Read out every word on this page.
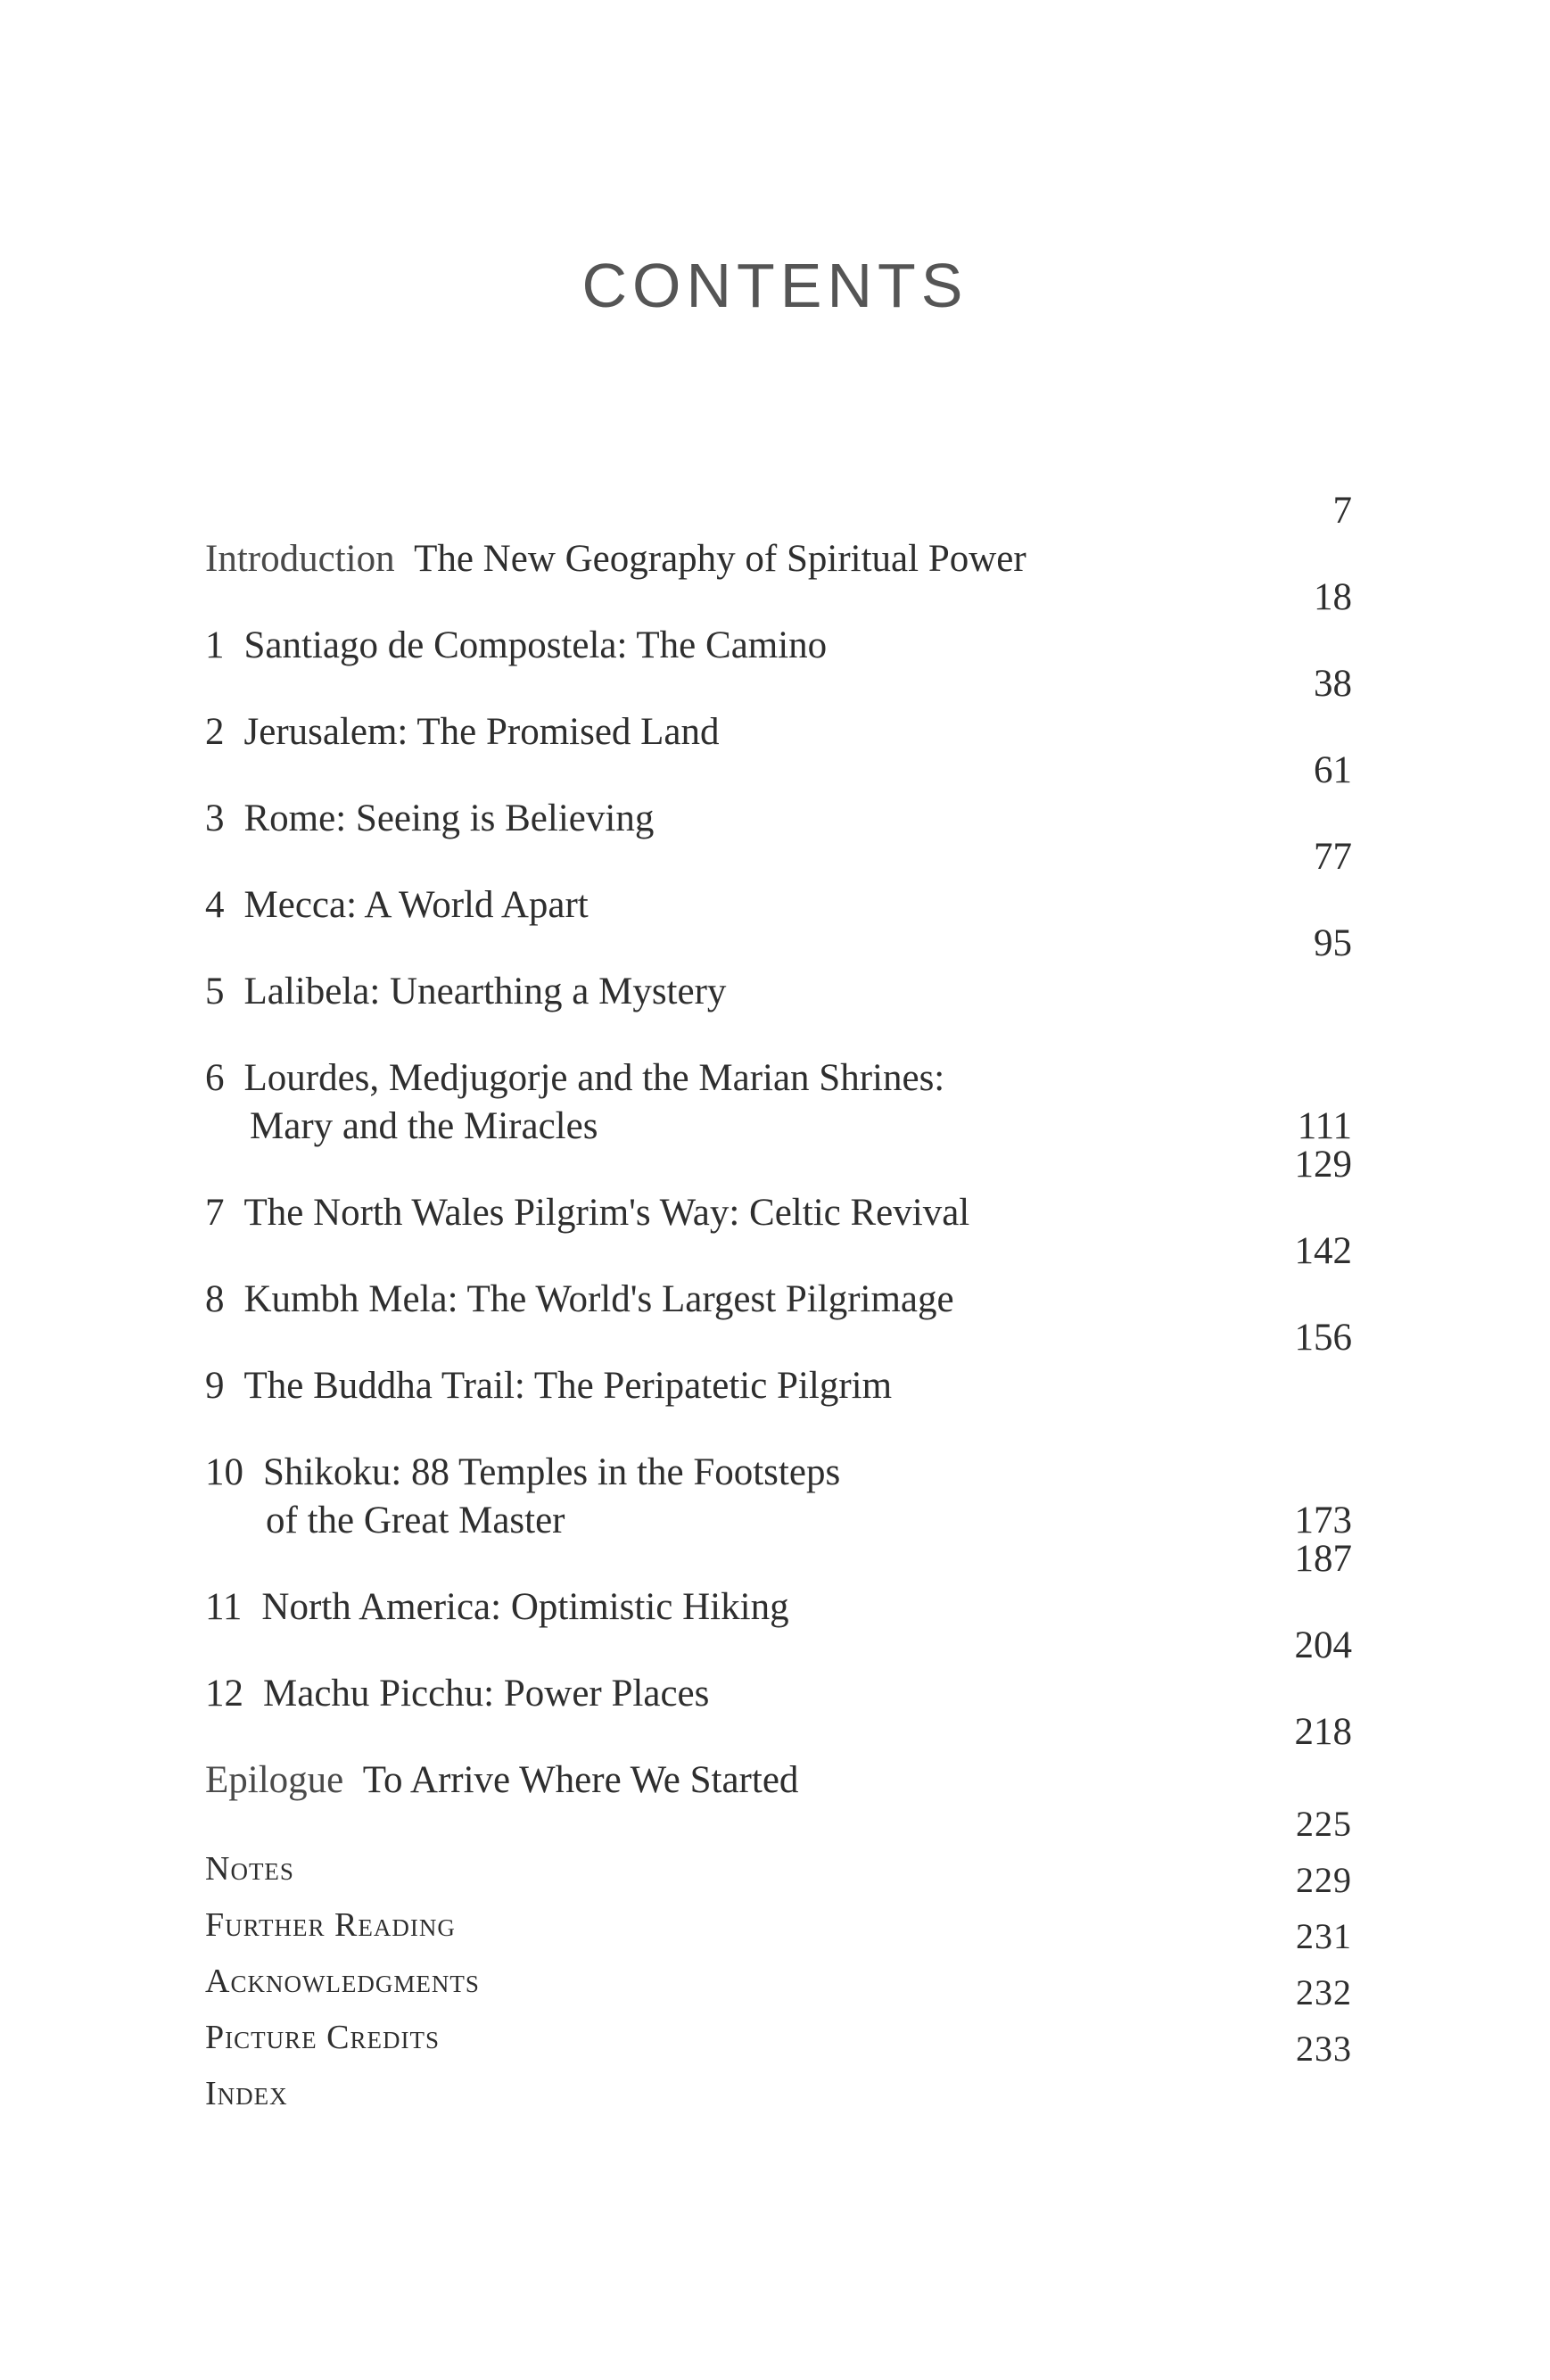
CONTENTS
Introduction The New Geography of Spiritual Power
7
1 Santiago de Compostela: The Camino
18
2 Jerusalem: The Promised Land
38
3 Rome: Seeing is Believing
61
4 Mecca: A World Apart
77
5 Lalibela: Unearthing a Mystery
95
6 Lourdes, Medjugorje and the Marian Shrines:
Mary and the Miracles	111
7 The North Wales Pilgrim's Way: Celtic Revival
129
8 Kumbh Mela: The World's Largest Pilgrimage
142
9 The Buddha Trail: The Peripatetic Pilgrim
156
10 Shikoku: 88 Temples in the Footsteps
of the Great Master	173
11 North America: Optimistic Hiking
187
12 Machu Picchu: Power Places
204
Epilogue To Arrive Where We Started
218
Notes
225
Further Reading
229
Acknowledgments
231
Picture Credits
232
Index
233
